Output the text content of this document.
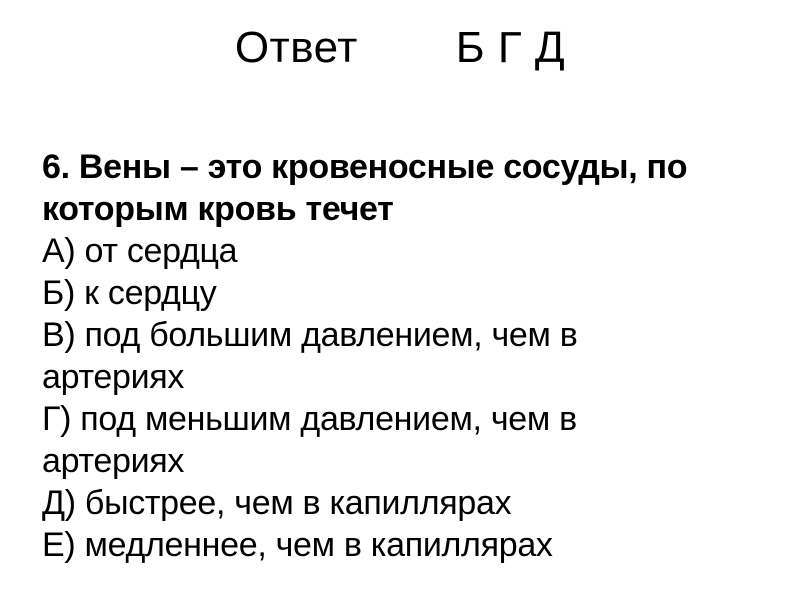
Ответ Б Г Д
6. Вены – это кровеносные сосуды, по
которым кровь течет
А) от сердца
Б) к сердцу
В) под большим давлением, чем в
артериях
Г) под меньшим давлением, чем в
артериях
Д) быстрее, чем в капиллярах
Е) медленнее, чем в капиллярах
